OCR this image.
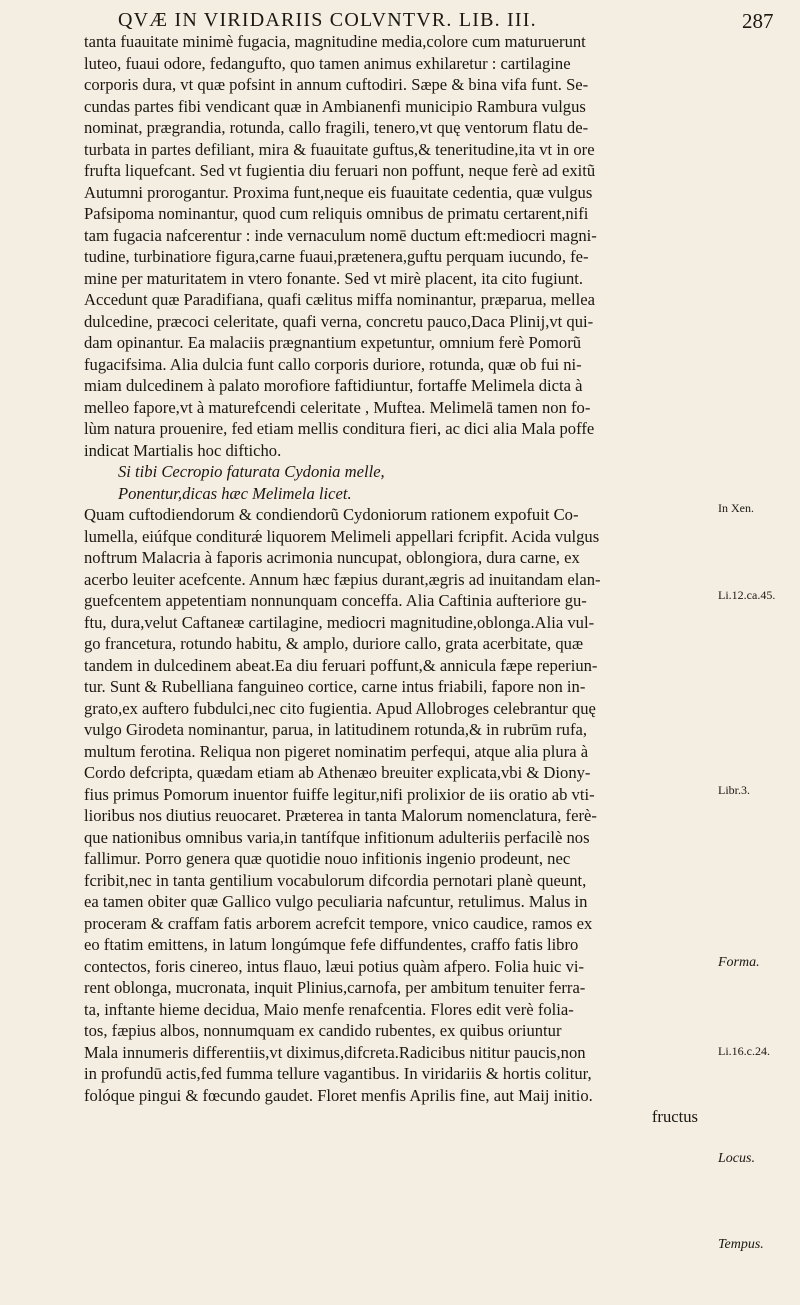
QVÆ IN VIRIDARIIS COLVNTVR. LIB. III.	287
tanta fuauitate minimè fugacia, magnitudine media,colore cum maturuerunt
luteo, fuaui odore, fedangufto, quo tamen animus exhilaretur : cartilagine
corporis dura, vt quæ pofsint in annum cuftodiri. Sæpe & bina vifa funt. Se-
cundas partes fibi vendicant quæ in Ambianenfi municipio Rambura vulgus
nominat, prægrandia, rotunda, callo fragili, tenero,vt quę ventorum flatu de-
turbata in partes defiliant, mira & fuauitate guftus,& teneritudine,ita vt in ore
frufta liquefcant. Sed vt fugientia diu feruari non poffunt, neque ferè ad exitũ
Autumni prorogantur. Proxima funt,neque eis fuauitate cedentia, quæ vulgus
Pafsipoma nominantur, quod cum reliquis omnibus de primatu certarent,nifi
tam fugacia nafcerentur : inde vernaculum nomē ductum eft:mediocri magni-
tudine, turbinatiore figura,carne fuaui,prætenera,guftu perquam iucundo, fe-
mine per maturitatem in vtero fonante. Sed vt mirè placent, ita cito fugiunt.
Accedunt quæ Paradifiana, quafi cælitus miffa nominantur, præparua, mellea
dulcedine, præcoci celeritate, quafi verna, concretu pauco,Daca Plinij,vt qui-
dam opinantur. Ea malaciis prægnantium expetuntur, omnium ferè Pomorũ
fugacifsima. Alia dulcia funt callo corporis duriore, rotunda, quæ ob fui ni-
miam dulcedinem à palato morofiore faftidiuntur, fortaffe Melimela dicta à
melleo fapore,vt à maturefcendi celeritate , Muftea. Melimelā tamen non fo-
lùm natura prouenire, fed etiam mellis conditura fieri, ac dici alia Mala poffe
indicat Martialis hoc difticho.
Si tibi Cecropio faturata Cydonia melle,
Ponentur,dicas hæc Melimela licet.
Quam cuftodiendorum & condiendorũ Cydoniorum rationem expofuit Co-
lumella, eiúfque conditurǽ liquorem Melimeli appellari fcripfit. Acida vulgus
noftrum Malacria à faporis acrimonia nuncupat, oblongiora, dura carne, ex
acerbo leuiter acefcente. Annum hæc fæpius durant,ægris ad inuitandam elan-
guefcentem appetentiam nonnunquam conceffa. Alia Caftinia aufteriore gu-
ftu, dura,velut Caftaneæ cartilagine, mediocri magnitudine,oblonga.Alia vul-
go francetura, rotundo habitu, & amplo, duriore callo, grata acerbitate, quæ
tandem in dulcedinem abeat.Ea diu feruari poffunt,& annicula fæpe reperiun-
tur. Sunt & Rubelliana fanguineo cortice, carne intus friabili, fapore non in-
grato,ex auftero fubdulci,nec cito fugientia. Apud Allobroges celebrantur quę
vulgo Girodeta nominantur, parua, in latitudinem rotunda,& in rubrūm rufa,
multum ferotina. Reliqua non pigeret nominatim perfequi, atque alia plura à
Cordo defcripta, quædam etiam ab Athenæo breuiter explicata,vbi & Diony-
fius primus Pomorum inuentor fuiffe legitur,nifi prolixior de iis oratio ab vti-
lioribus nos diutius reuocaret. Præterea in tanta Malorum nomenclatura, ferè-
que nationibus omnibus varia,in tantífque infitionum adulteriis perfacilè nos
fallimur. Porro genera quæ quotidie nouo infitionis ingenio prodeunt, nec
fcribit,nec in tanta gentilium vocabulorum difcordia pernotari planè queunt,
ea tamen obiter quæ Gallico vulgo peculiaria nafcuntur, retulimus. Malus in
proceram & craffam fatis arborem acrefcit tempore, vnico caudice, ramos ex
eo ftatim emittens, in latum longúmque fefe diffundentes, craffo fatis libro
contectos, foris cinereo, intus flauo, læui potius quàm afpero. Folia huic vi-
rent oblonga, mucronata, inquit Plinius,carnofa, per ambitum tenuiter ferra-
ta, inftante hieme decidua, Maio menfe renafcentia. Flores edit verè folia-
tos, fæpius albos, nonnumquam ex candido rubentes, ex quibus oriuntur
Mala innumeris differentiis,vt diximus,difcreta.Radicibus nititur paucis,non
in profundū actis,fed fumma tellure vagantibus. In viridariis & hortis colitur,
folóque pingui & fœcundo gaudet. Floret menfis Aprilis fine, aut Maij initio.
fructus
In Xen.
Li.12.ca.45.
Libr.3.
Forma.
Li.16.c.24.
Locus.
Tempus.
